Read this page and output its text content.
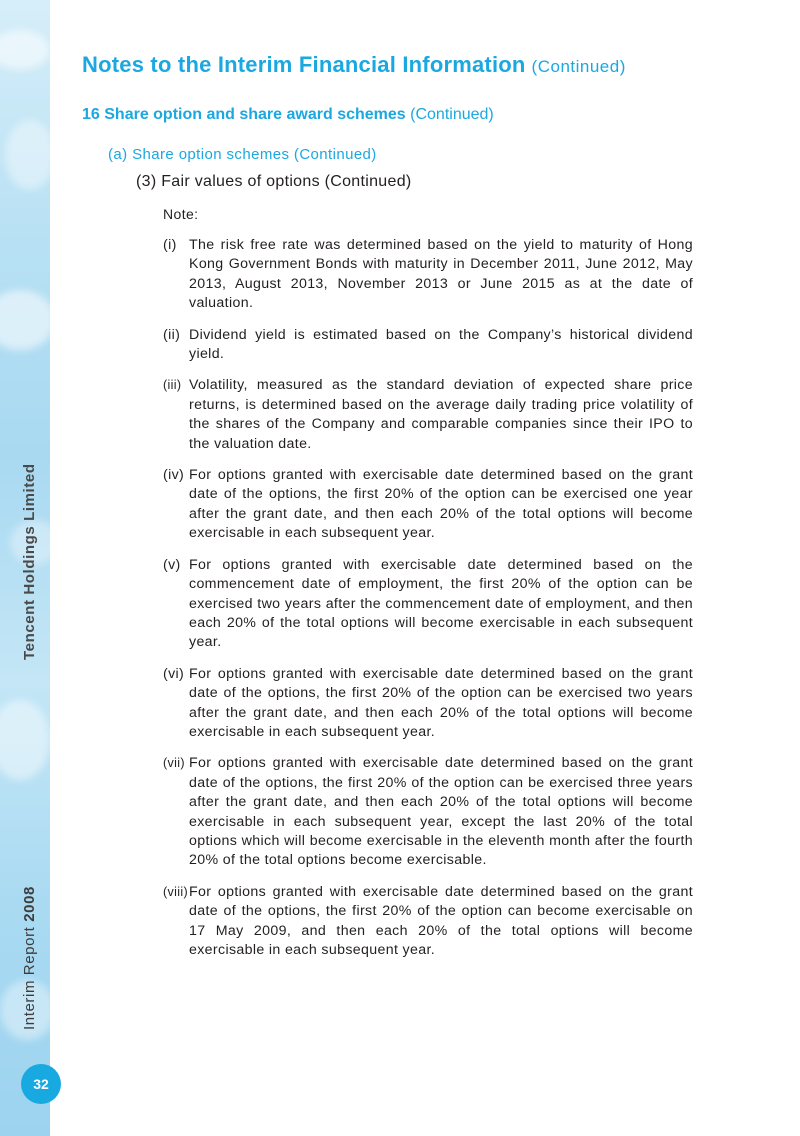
Tencent Holdings Limited
Interim Report 2008
32
Notes to the Interim Financial Information (Continued)
16 Share option and share award schemes (Continued)
(a) Share option schemes (Continued)
(3) Fair values of options (Continued)
Note:
(i) The risk free rate was determined based on the yield to maturity of Hong Kong Government Bonds with maturity in December 2011, June 2012, May 2013, August 2013, November 2013 or June 2015 as at the date of valuation.
(ii) Dividend yield is estimated based on the Company’s historical dividend yield.
(iii) Volatility, measured as the standard deviation of expected share price returns, is determined based on the average daily trading price volatility of the shares of the Company and comparable companies since their IPO to the valuation date.
(iv) For options granted with exercisable date determined based on the grant date of the options, the first 20% of the option can be exercised one year after the grant date, and then each 20% of the total options will become exercisable in each subsequent year.
(v) For options granted with exercisable date determined based on the commencement date of employment, the first 20% of the option can be exercised two years after the commencement date of employment, and then each 20% of the total options will become exercisable in each subsequent year.
(vi) For options granted with exercisable date determined based on the grant date of the options, the first 20% of the option can be exercised two years after the grant date, and then each 20% of the total options will become exercisable in each subsequent year.
(vii) For options granted with exercisable date determined based on the grant date of the options, the first 20% of the option can be exercised three years after the grant date, and then each 20% of the total options will become exercisable in each subsequent year, except the last 20% of the total options which will become exercisable in the eleventh month after the fourth 20% of the total options become exercisable.
(viii) For options granted with exercisable date determined based on the grant date of the options, the first 20% of the option can become exercisable on 17 May 2009, and then each 20% of the total options will become exercisable in each subsequent year.
